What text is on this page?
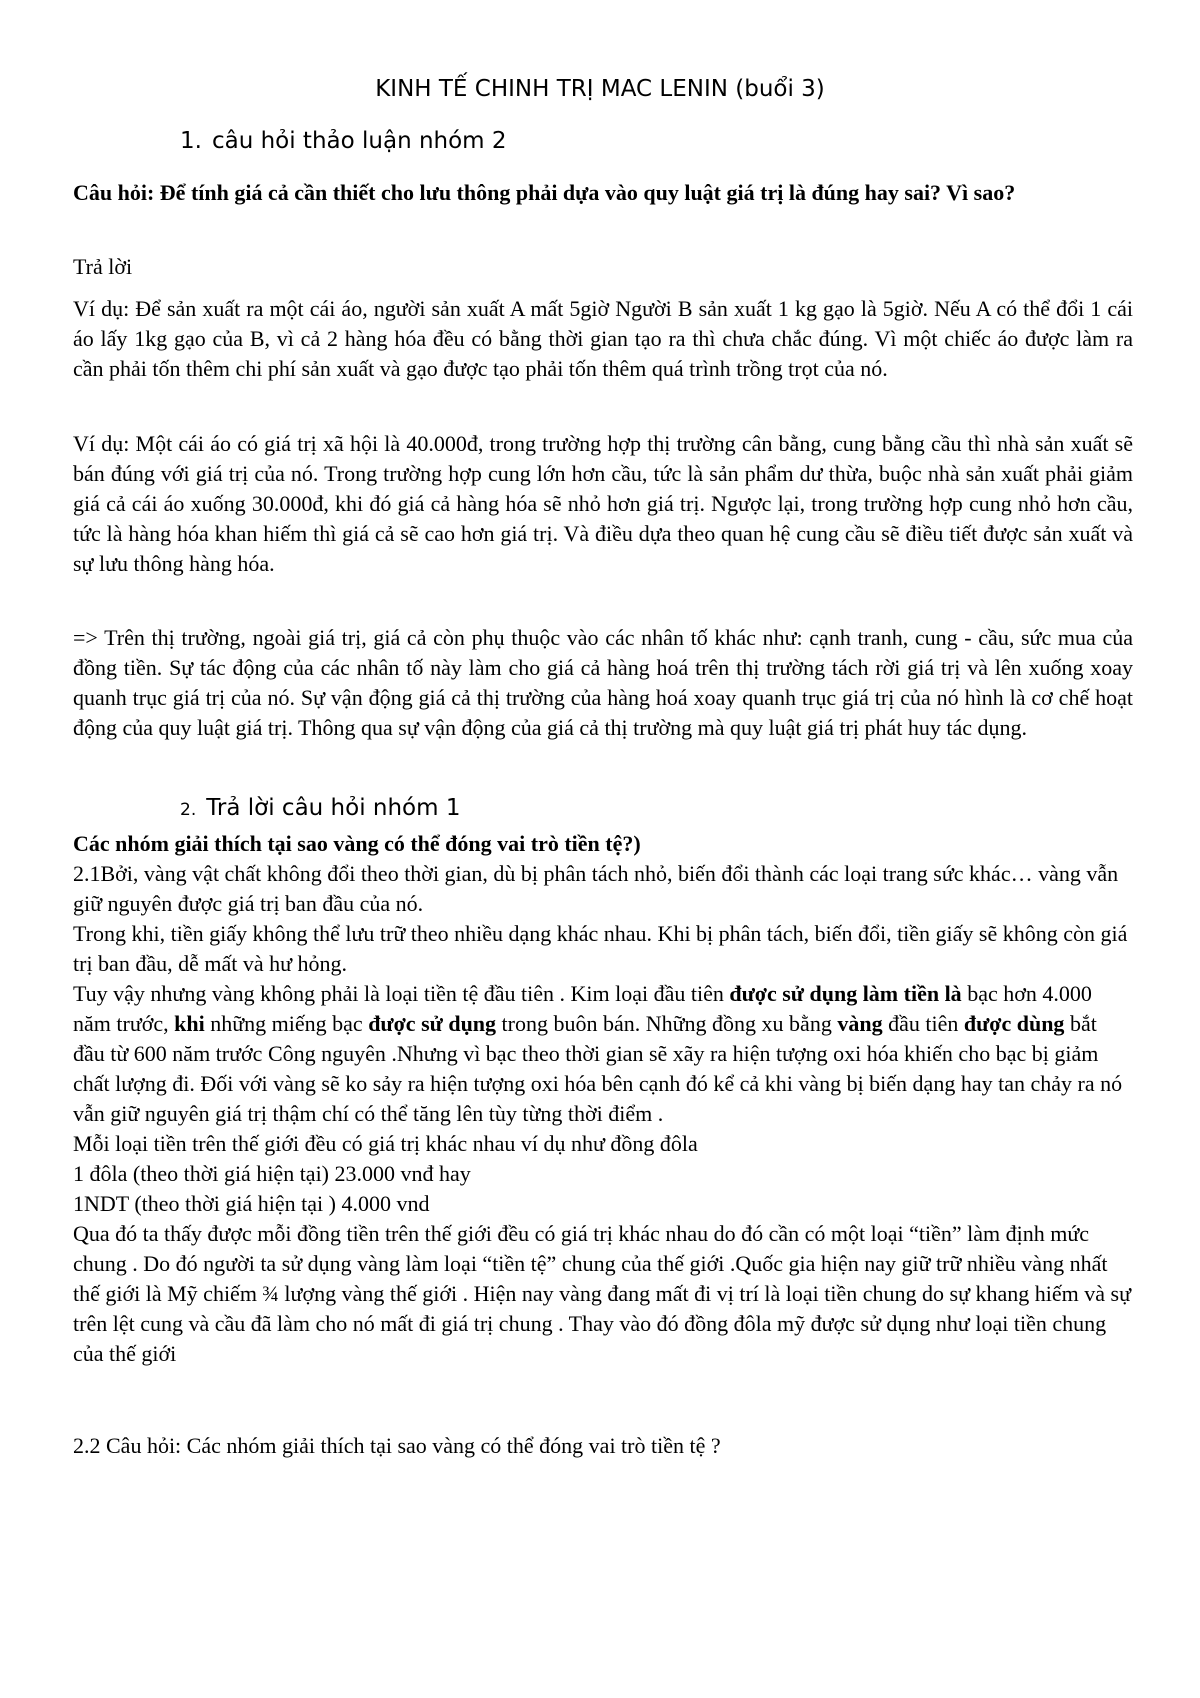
KINH TẾ CHINH TRỊ MAC LENIN (buổi 3)
1. câu hỏi thảo luận nhóm 2
Câu hỏi: Để tính giá cả cần thiết cho lưu thông phải dựa vào quy luật giá trị là đúng hay sai? Vì sao?
Trả lời
Ví dụ: Để sản xuất ra một cái áo, người sản xuất A mất 5giờ Người B sản xuất 1 kg gạo là 5giờ. Nếu A có thể đổi 1 cái áo lấy 1kg gạo của B, vì cả 2 hàng hóa đều có bằng thời gian tạo ra thì chưa chắc đúng. Vì một chiếc áo được làm ra cần phải tốn thêm chi phí sản xuất và gạo được tạo phải tốn thêm quá trình trồng trọt của nó.
Ví dụ: Một cái áo có giá trị xã hội là 40.000đ, trong trường hợp thị trường cân bằng, cung bằng cầu thì nhà sản xuất sẽ bán đúng với giá trị của nó. Trong trường hợp cung lớn hơn cầu, tức là sản phẩm dư thừa, buộc nhà sản xuất phải giảm giá cả cái áo xuống 30.000đ, khi đó giá cả hàng hóa sẽ nhỏ hơn giá trị. Ngược lại, trong trường hợp cung nhỏ hơn cầu, tức là hàng hóa khan hiếm thì giá cả sẽ cao hơn giá trị. Và điều dựa theo quan hệ cung cầu sẽ điều tiết được sản xuất và sự lưu thông hàng hóa.
=> Trên thị trường, ngoài giá trị, giá cả còn phụ thuộc vào các nhân tố khác như: cạnh tranh, cung - cầu, sức mua của đồng tiền. Sự tác động của các nhân tố này làm cho giá cả hàng hoá trên thị trường tách rời giá trị và lên xuống xoay quanh trục giá trị của nó. Sự vận động giá cả thị trường của hàng hoá xoay quanh trục giá trị của nó hình là cơ chế hoạt động của quy luật giá trị. Thông qua sự vận động của giá cả thị trường mà quy luật giá trị phát huy tác dụng.
2. Trả lời câu hỏi nhóm 1

Các nhóm giải thích tại sao vàng có thể đóng vai trò tiền tệ?)

2.1Bởi, vàng vật chất không đổi theo thời gian, dù bị phân tách nhỏ, biến đổi thành các loại trang sức khác… vàng vẫn giữ nguyên được giá trị ban đầu của nó.

Trong khi, tiền giấy không thể lưu trữ theo nhiều dạng khác nhau. Khi bị phân tách, biến đổi, tiền giấy sẽ không còn giá trị ban đầu, dễ mất và hư hỏng.

Tuy vậy nhưng vàng không phải là loại tiền tệ đầu tiên . Kim loại đầu tiên được sử dụng làm tiền là bạc hơn 4.000 năm trước, khi những miếng bạc được sử dụng trong buôn bán. Những đồng xu bằng vàng đầu tiên được dùng bắt đầu từ 600 năm trước Công nguyên .Nhưng vì bạc theo thời gian sẽ xãy ra hiện tượng oxi hóa khiến cho bạc bị giảm chất lượng đi. Đối với vàng sẽ ko sảy ra hiện tượng oxi hóa bên cạnh đó kể cả khi vàng bị biến dạng hay tan chảy ra nó vẫn giữ nguyên giá trị thậm chí có thể tăng lên tùy từng thời điểm .

Mỗi loại tiền trên thế giới đều có giá trị khác nhau ví dụ như đồng đôla

1 đôla (theo thời giá hiện tại) 23.000 vnđ hay

1NDT (theo thời giá hiện tại ) 4.000 vnd

Qua đó ta thấy được mỗi đồng tiền trên thế giới đều có giá trị khác nhau do đó cần có một loại “tiền” làm định mức chung . Do đó người ta sử dụng vàng làm loại “tiền tệ” chung của thế giới .Quốc gia hiện nay giữ trữ nhiều vàng nhất thế giới là Mỹ chiếm ¾ lượng vàng thế giới . Hiện nay vàng đang mất đi vị trí là loại tiền chung do sự khang hiếm và sự trên lệt cung và cầu đã làm cho nó mất đi giá trị chung . Thay vào đó đồng đôla mỹ được sử dụng như loại tiền chung của thế giới

2.2 Câu hỏi: Các nhóm giải thích tại sao vàng có thể đóng vai trò tiền tệ ?
